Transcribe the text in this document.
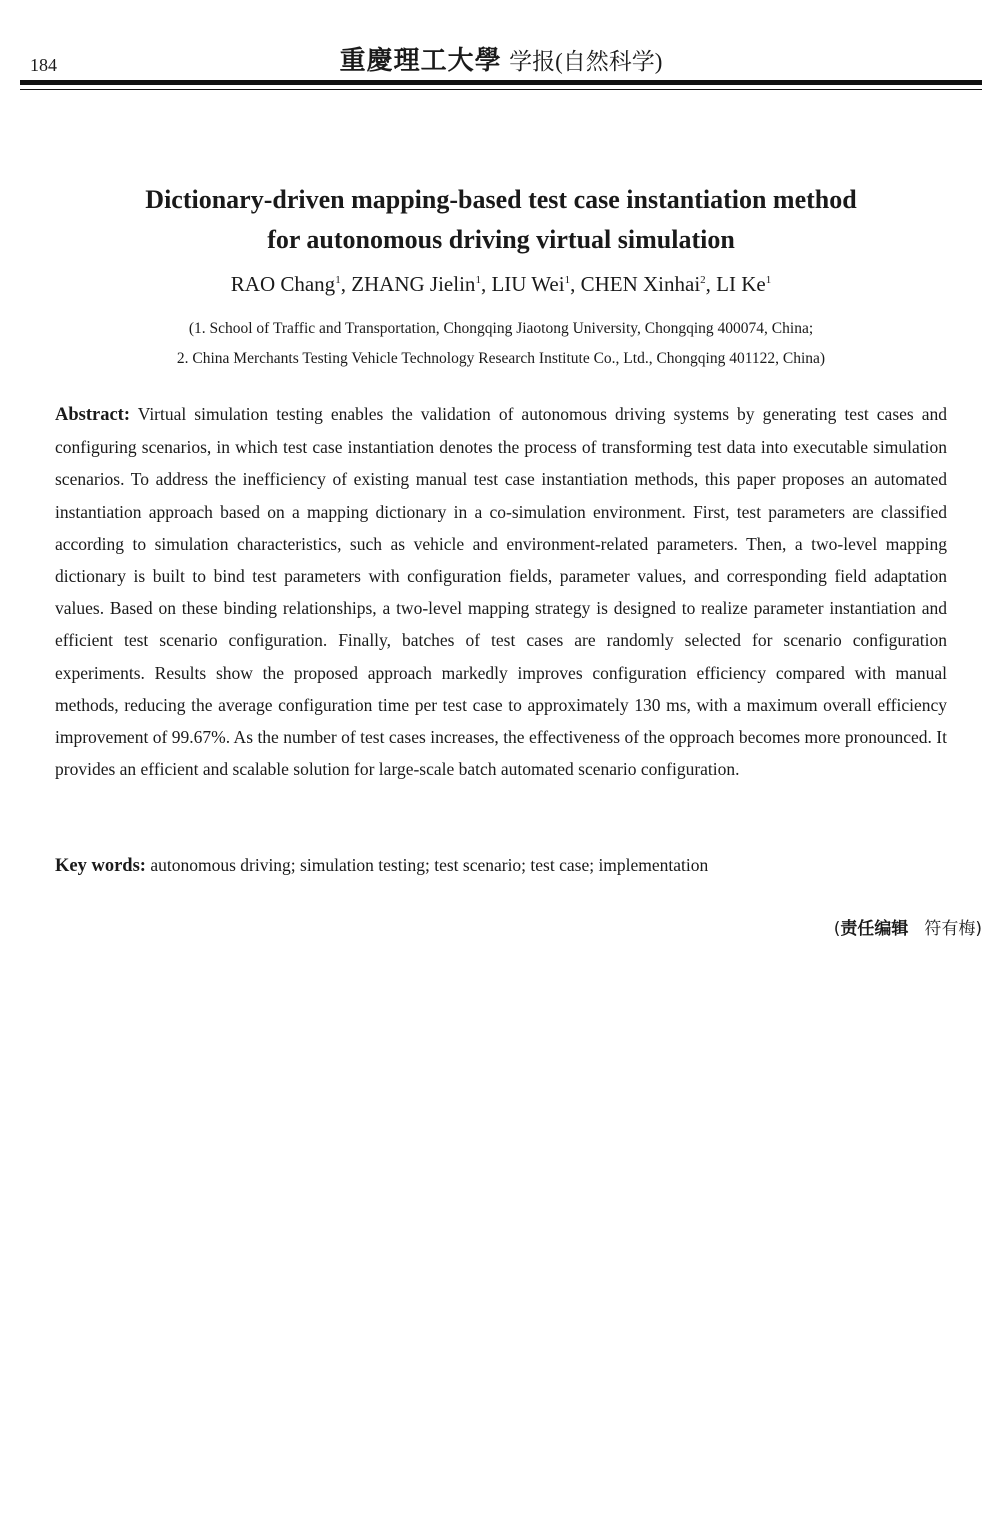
184	重慶理工大學 学报(自然科学)
Dictionary-driven mapping-based test case instantiation method
for autonomous driving virtual simulation
RAO Chang$^1$, ZHANG Jielin$^1$, LIU Wei$^1$, CHEN Xinhai$^2$, LI Ke$^1$
(1. School of Traffic and Transportation, Chongqing Jiaotong University, Chongqing 400074, China;
2. China Merchants Testing Vehicle Technology Research Institute Co., Ltd., Chongqing 401122, China)
Abstract: Virtual simulation testing enables the validation of autonomous driving systems by generating test cases and configuring scenarios, in which test case instantiation denotes the process of transforming test data into executable simulation scenarios. To address the inefficiency of existing manual test case instantiation methods, this paper proposes an automated instantiation approach based on a mapping dictionary in a co-simulation environment. First, test parameters are classified according to simulation characteristics, such as vehicle and environment-related parameters. Then, a two-level mapping dictionary is built to bind test parameters with configuration fields, parameter values, and corresponding field adaptation values. Based on these binding relationships, a two-level mapping strategy is designed to realize parameter instantiation and efficient test scenario configuration. Finally, batches of test cases are randomly selected for scenario configuration experiments. Results show the proposed approach markedly improves configuration efficiency compared with manual methods, reducing the average configuration time per test case to approximately 130 ms, with a maximum overall efficiency improvement of 99.67%. As the number of test cases increases, the effectiveness of the opproach becomes more pronounced. It provides an efficient and scalable solution for large-scale batch automated scenario configuration.
Key words: autonomous driving; simulation testing; test scenario; test case; implementation
(责任编辑 符有梅)
